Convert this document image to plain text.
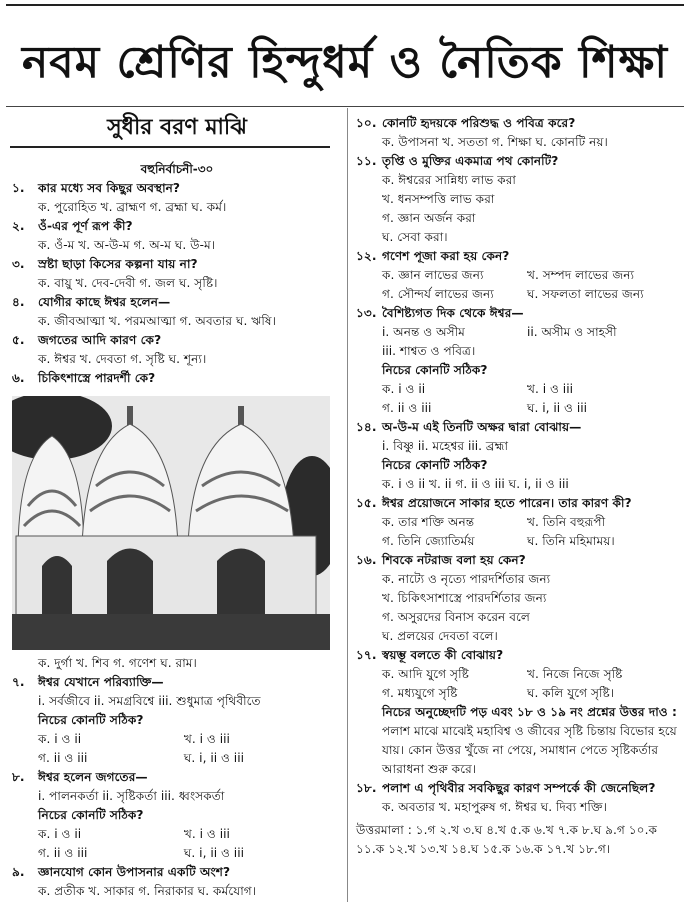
নবম শ্রেণির হিন্দুধর্ম ও নৈতিক শিক্ষা
সুধীর বরণ মাঝি
বহুনির্বাচনী-৩০
১.	কার মধ্যে সব কিছুর অবস্থান?
ক. পুরোহিত খ. ব্রাহ্মণ গ. ব্রহ্মা ঘ. কর্ম।
২.	ওঁ-এর পূর্ণ রূপ কী?
ক. ওঁ-ম খ. অ-উ-ম গ. অ-ম ঘ. উ-ম।
৩.	স্রষ্টা ছাড়া কিসের কল্পনা যায় না?
ক. বায়ু খ. দেব-দেবী গ. জল ঘ. সৃষ্টি।
৪.	যোগীর কাছে ঈশ্বর হলেন—
ক. জীবআত্মা খ. পরমআত্মা গ. অবতার ঘ. ঋষি।
৫.	জগতের আদি কারণ কে?
ক. ঈশ্বর খ. দেবতা গ. সৃষ্টি ঘ. শূন্য।
৬.	চিকিৎশাস্ত্রে পারদর্শী কে?
ক. দুর্গা খ. শিব গ. গণেশ ঘ. রাম।
৭.	ঈশ্বর যেখানে পরিব্যাক্তি—
i. সর্বজীবে ii. সমগ্রবিশ্বে iii. শুধুমাত্র পৃথিবীতে
নিচের কোনটি সঠিক?
ক. i ও ii	খ. i ও iii
গ. ii ও iii	ঘ. i, ii ও iii
৮.	ঈশ্বর হলেন জগতের—
i. পালনকর্তা ii. সৃষ্টিকর্তা iii. ধ্বংসকর্তা
নিচের কোনটি সঠিক?
ক. i ও ii	খ. i ও iii
গ. ii ও iii	ঘ. i, ii ও iii
৯.	জ্ঞানযোগ কোন উপাসনার একটি অংশ?
ক. প্রতীক খ. সাকার গ. নিরাকার ঘ. কর্মযোগ।
১০. কোনটি হৃদয়কে পরিশুদ্ধ ও পবিত্র করে?
ক. উপাসনা খ. সততা গ. শিক্ষা ঘ. কোনটি নয়।
১১. তৃপ্তি ও মুক্তির একমাত্র পথ কোনটি?
ক. ঈশ্বরের সান্নিধ্য লাভ করা
খ. ধনসম্পত্তি লাভ করা
গ. জ্ঞান অর্জন করা
ঘ. সেবা করা।
১২. গণেশ পূজা করা হয় কেন?
ক. জ্ঞান লাভের জন্য	খ. সম্পদ লাভের জন্য
গ. সৌন্দর্য লাভের জন্য	ঘ. সফলতা লাভের জন্য
১৩. বৈশিষ্ট্যগত দিক থেকে ঈশ্বর—
i. অনন্ত ও অসীম	ii. অসীম ও সাহসী
iii. শাশ্বত ও পবিত্র।
নিচের কোনটি সঠিক?
ক. i ও ii	খ. i ও iii
গ. ii ও iii	ঘ. i, ii ও iii
১৪. অ-উ-ম এই তিনটি অক্ষর দ্বারা বোঝায়—
i. বিষ্ণু ii. মহেশ্বর iii. ব্রহ্মা
নিচের কোনটি সঠিক?
ক. i ও ii খ. ii গ. ii ও iii ঘ. i, ii ও iii
১৫. ঈশ্বর প্রয়োজনে সাকার হতে পারেন। তার কারণ কী?
ক. তার শক্তি অনন্ত	খ. তিনি বহুরূপী
গ. তিনি জ্যোতির্ময়	ঘ. তিনি মহিমাময়।
১৬. শিবকে নটরাজ বলা হয় কেন?
ক. নাট্যে ও নৃত্যে পারদর্শিতার জন্য
খ. চিকিৎসাশাস্ত্রে পারদর্শিতার জন্য
গ. অসুরদের বিনাস করেন বলে
ঘ. প্রলয়ের দেবতা বলে।
১৭. স্বয়ম্ভূ বলতে কী বোঝায়?
ক. আদি যুগে সৃষ্টি	খ. নিজে নিজে সৃষ্টি
গ. মধ্যযুগে সৃষ্টি	ঘ. কলি যুগে সৃষ্টি।
নিচের অনুচ্ছেদটি পড় এবং ১৮ ও ১৯ নং প্রশ্নের উত্তর দাও :
পলাশ মাঝে মাঝেই মহাবিশ্ব ও জীবের সৃষ্টি চিন্তায় বিভোর হয়ে যায়। কোন উত্তর খুঁজে না পেয়ে, সমাধান পেতে সৃষ্টিকর্তার আরাধনা শুরু করে।
১৮. পলাশ এ পৃথিবীর সবকিছুর কারণ সম্পর্কে কী জেনেছিল?
ক. অবতার খ. মহাপুরুষ গ. ঈশ্বর ঘ. দিব্য শক্তি।
উত্তরমালা : ১.গ ২.খ ৩.ঘ ৪.খ ৫.ক ৬.খ ৭.ক ৮.ঘ ৯.গ ১০.ক ১১.ক ১২.খ ১৩.খ ১৪.ঘ ১৫.ক ১৬.ক ১৭.খ ১৮.গ।
